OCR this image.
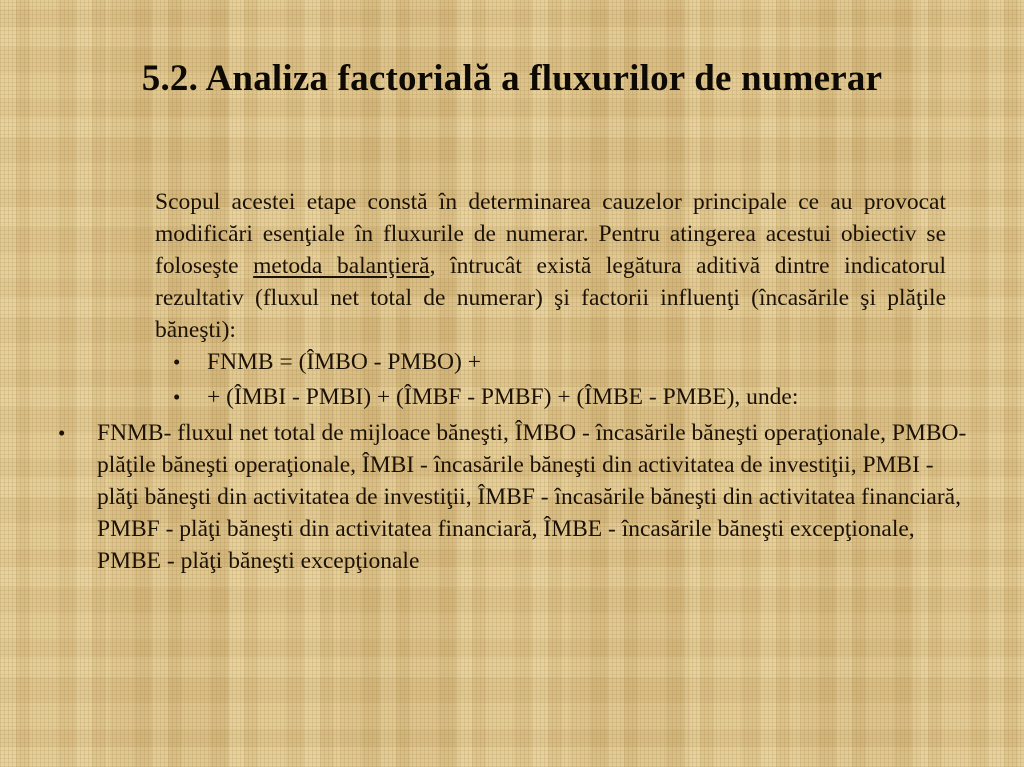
5.2. Analiza factorială a fluxurilor de numerar

Scopul acestei etape constă în determinarea cauzelor principale ce au provocat modificări esenţiale în fluxurile de numerar. Pentru atingerea acestui obiectiv se foloseşte metoda balanţieră, întrucât există legătura aditivă dintre indicatorul rezultativ (fluxul net total de numerar) şi factorii influenţi (încasările şi plăţile băneşti):

•	FNMB = (ÎMBO - PMBO) +
•	+ (ÎMBI - PMBI) + (ÎMBF - PMBF) + (ÎMBE - PMBE), unde:
•	FNMB- fluxul net total de mijloace băneşti, ÎMBO - încasările băneşti operaţionale, PMBO- plăţile băneşti operaţionale, ÎMBI - încasările băneşti din activitatea de investiţii, PMBI - plăţi băneşti din activitatea de investiţii, ÎMBF - încasările băneşti din activitatea financiară, PMBF - plăţi băneşti din activitatea financiară, ÎMBE - încasările băneşti excepţionale, PMBE - plăţi băneşti excepţionale
